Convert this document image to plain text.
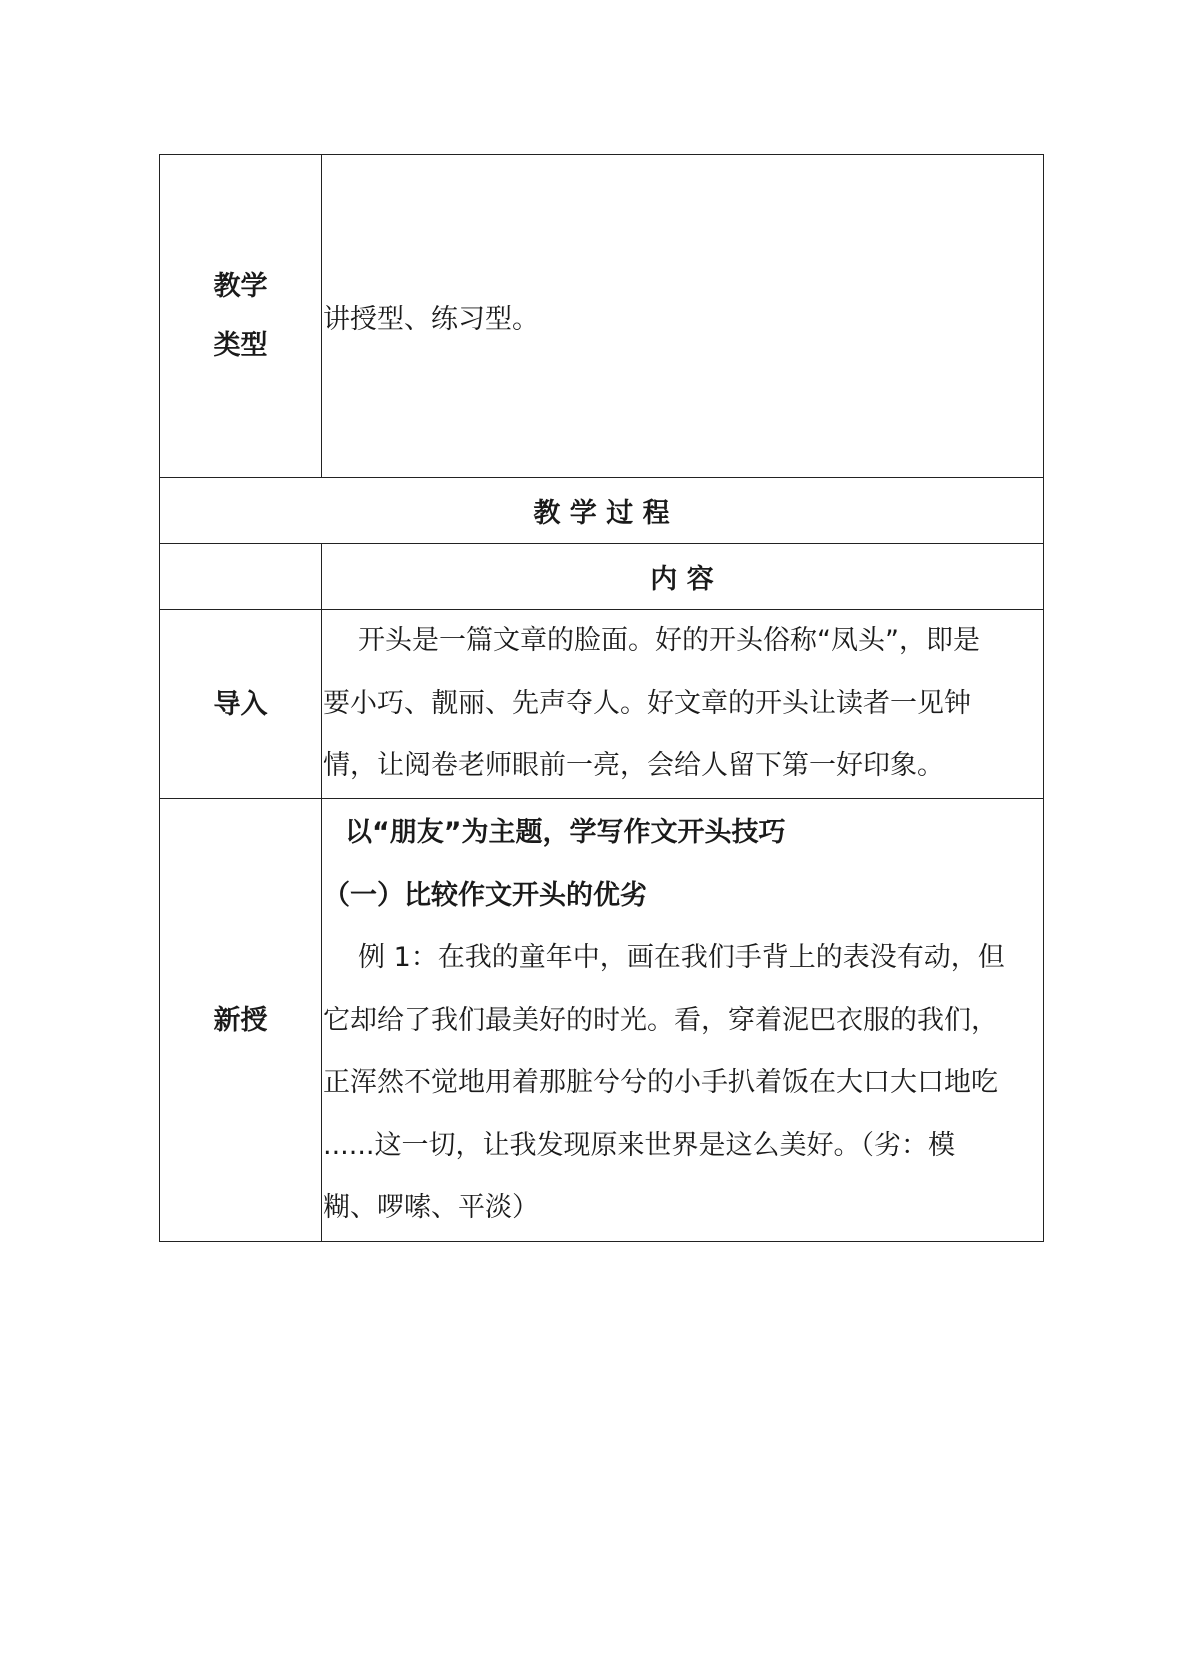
教学
类型
讲授型、练习型。
教 学 过 程
内 容
导入
开头是一篇文章的脸面。好的开头俗称“凤头”，即是
要小巧、靓丽、先声夺人。好文章的开头让读者一见钟
情，让阅卷老师眼前一亮，会给人留下第一好印象。
新授
以“朋友”为主题，学写作文开头技巧
（一）比较作文开头的优劣
例 1：在我的童年中，画在我们手背上的表没有动，但
它却给了我们最美好的时光。看，穿着泥巴衣服的我们，
正浑然不觉地用着那脏兮兮的小手扒着饭在大口大口地吃
......这一切，让我发现原来世界是这么美好。（劣：模
糊、啰嗦、平淡）
